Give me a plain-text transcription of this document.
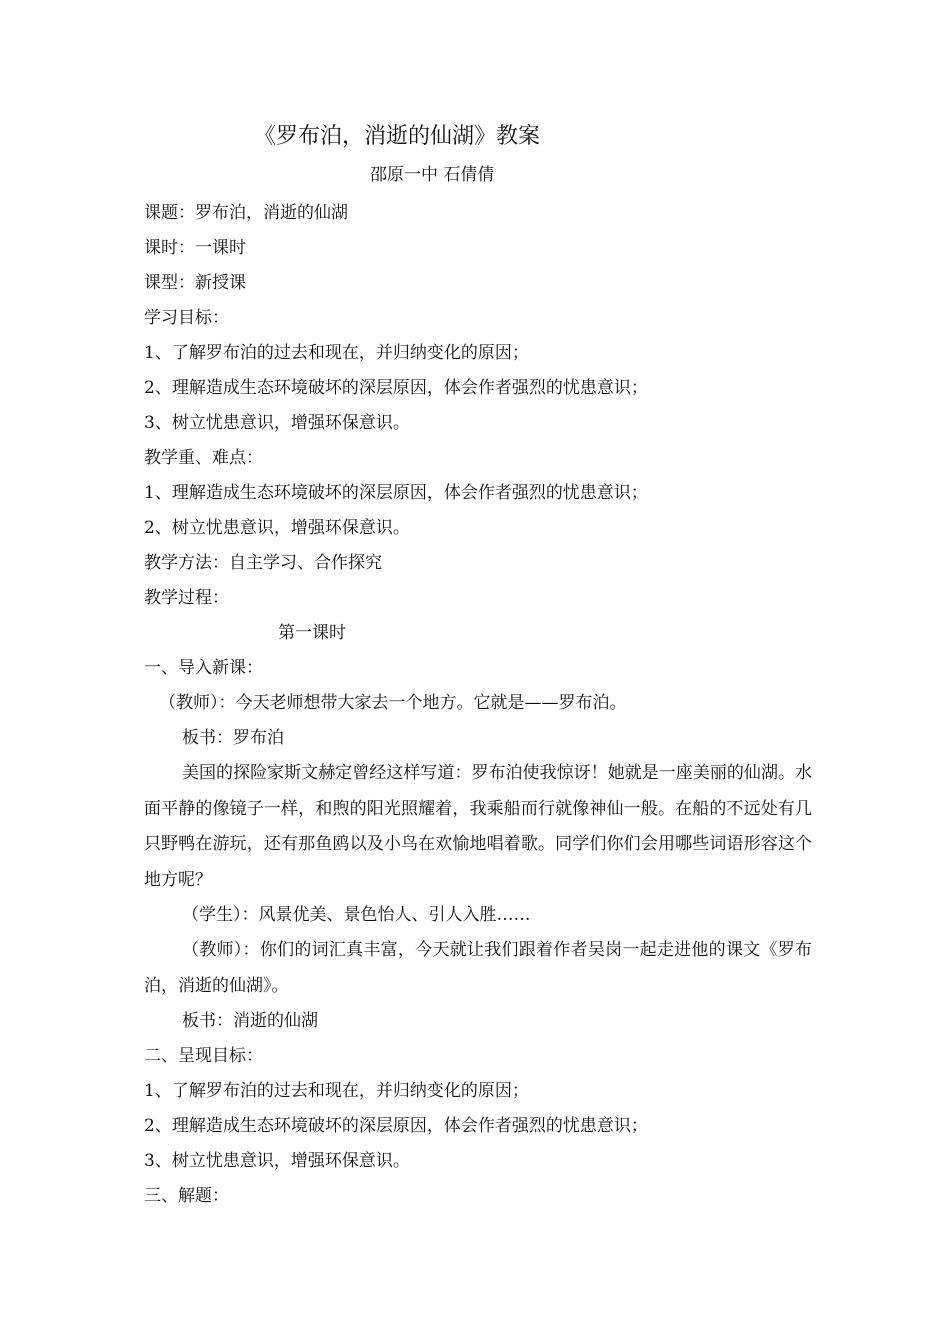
《罗布泊，消逝的仙湖》教案
邵原一中 石倩倩
课题：罗布泊，消逝的仙湖
课时：一课时
课型：新授课
学习目标：
1、了解罗布泊的过去和现在，并归纳变化的原因；
2、理解造成生态环境破坏的深层原因，体会作者强烈的忧患意识；
3、树立忧患意识，增强环保意识。
教学重、难点：
1、理解造成生态环境破坏的深层原因，体会作者强烈的忧患意识；
2、树立忧患意识，增强环保意识。
教学方法：自主学习、合作探究
教学过程：
第一课时
一、导入新课：
（教师）：今天老师想带大家去一个地方。它就是——罗布泊。
板书：罗布泊

美国的探险家斯文赫定曾经这样写道：罗布泊使我惊讶！她就是一座美丽的仙湖。水面平静的像镜子一样，和煦的阳光照耀着，我乘船而行就像神仙一般。在船的不远处有几只野鸭在游玩，还有那鱼鸥以及小鸟在欢愉地唱着歌。同学们你们会用哪些词语形容这个地方呢？

（学生）：风景优美、景色怡人、引人入胜……

（教师）：你们的词汇真丰富，今天就让我们跟着作者吴岗一起走进他的课文《罗布泊，消逝的仙湖》。

板书：消逝的仙湖
二、呈现目标：
1、了解罗布泊的过去和现在，并归纳变化的原因；
2、理解造成生态环境破坏的深层原因，体会作者强烈的忧患意识；
3、树立忧患意识，增强环保意识。
三、解题：
